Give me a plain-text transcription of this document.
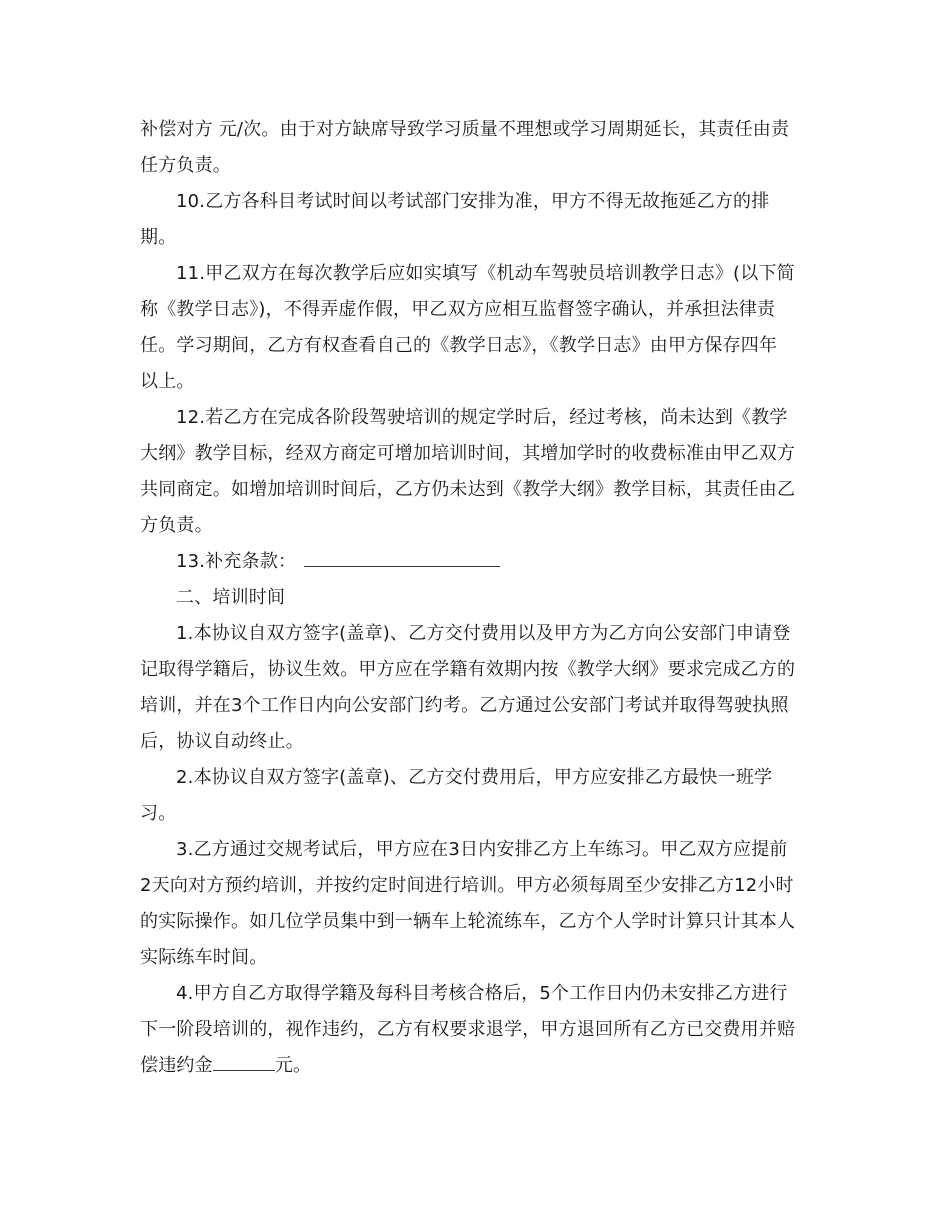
补偿对方 元/次。由于对方缺席导致学习质量不理想或学习周期延长，其责任由责
任方负责。
10.乙方各科目考试时间以考试部门安排为准，甲方不得无故拖延乙方的排
期。
11.甲乙双方在每次教学后应如实填写《机动车驾驶员培训教学日志》(以下简
称《教学日志》)，不得弄虚作假，甲乙双方应相互监督签字确认，并承担法律责
任。学习期间，乙方有权查看自己的《教学日志》，《教学日志》由甲方保存四年
以上。
12.若乙方在完成各阶段驾驶培训的规定学时后，经过考核，尚未达到《教学
大纲》教学目标，经双方商定可增加培训时间，其增加学时的收费标准由甲乙双方
共同商定。如增加培训时间后，乙方仍未达到《教学大纲》教学目标，其责任由乙
方负责。
13.补充条款：
二、培训时间
1.本协议自双方签字(盖章)、乙方交付费用以及甲方为乙方向公安部门申请登
记取得学籍后，协议生效。甲方应在学籍有效期内按《教学大纲》要求完成乙方的
培训，并在3个工作日内向公安部门约考。乙方通过公安部门考试并取得驾驶执照
后，协议自动终止。
2.本协议自双方签字(盖章)、乙方交付费用后，甲方应安排乙方最快一班学
习。
3.乙方通过交规考试后，甲方应在3日内安排乙方上车练习。甲乙双方应提前
2天向对方预约培训，并按约定时间进行培训。甲方必须每周至少安排乙方12小时
的实际操作。如几位学员集中到一辆车上轮流练车，乙方个人学时计算只计其本人
实际练车时间。
4.甲方自乙方取得学籍及每科目考核合格后，5个工作日内仍未安排乙方进行
下一阶段培训的，视作违约，乙方有权要求退学，甲方退回所有乙方已交费用并赔
偿违约金	元。
